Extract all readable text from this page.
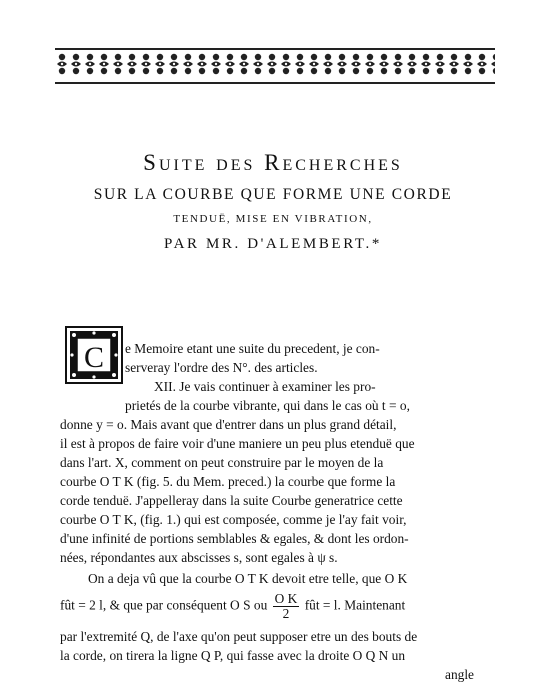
Suite des Recherches
SUR LA COURBE QUE FORME UNE CORDE
TENDUË, MISE EN VIBRATION,
PAR MR. D'ALEMBERT.*
C e Memoire etant une suite du precedent, je con-
serveray l'ordre des N°. des articles.
XII. Je vais continuer à examiner les pro-
prietés de la courbe vibrante, qui dans le cas où t = o,
donne y = o. Mais avant que d'entrer dans un plus grand détail,
il est à propos de faire voir d'une maniere un peu plus etenduë que
dans l'art. X, comment on peut construire par le moyen de la
courbe O T K (fig. 5. du Mem. preced.) la courbe que forme la
corde tenduë. J'appelleray dans la suite Courbe generatrice cette
courbe O T K, (fig. 1.) qui est composée, comme je l'ay fait voir,
d'une infinité de portions semblables & egales, & dont les ordon-
nées, répondantes aux abscisses s, sont egales à ψ s.
On a deja vû que la courbe O T K devoit etre telle, que O K
fût = 2 l, & que par conséquent O S ou $\frac{\text{O K}}{2}$ fût = l. Maintenant
par l'extremité Q, de l'axe qu'on peut supposer etre un des bouts de
la corde, on tirera la ligne Q P, qui fasse avec la droite O Q N un
angle
